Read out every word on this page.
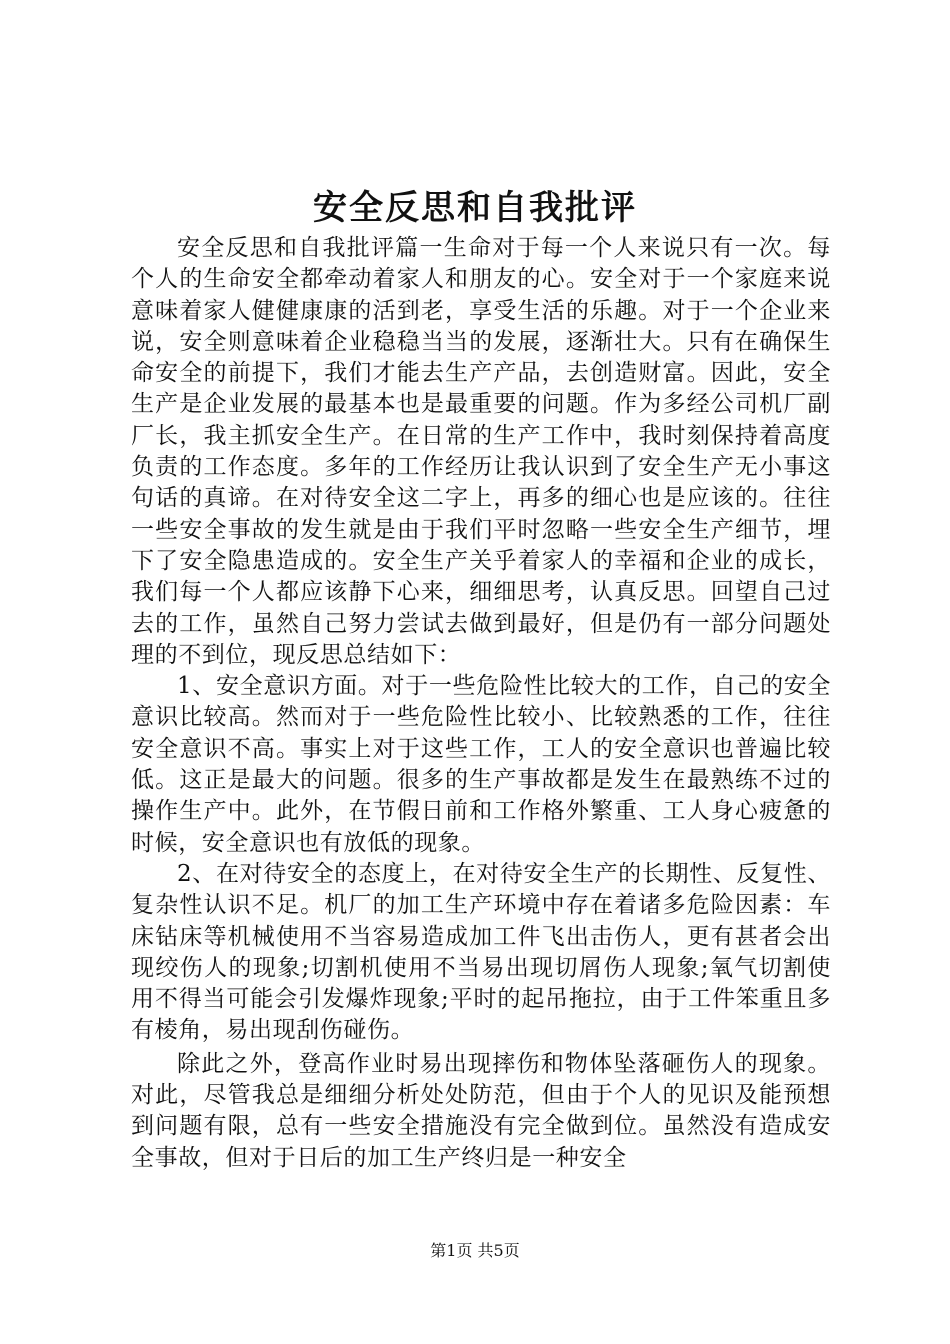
安全反思和自我批评

安全反思和自我批评篇一生命对于每一个人来说只有一次。每个人的生命安全都牵动着家人和朋友的心。安全对于一个家庭来说意味着家人健健康康的活到老，享受生活的乐趣。对于一个企业来说，安全则意味着企业稳稳当当的发展，逐渐壮大。只有在确保生命安全的前提下，我们才能去生产产品，去创造财富。因此，安全生产是企业发展的最基本也是最重要的问题。作为多经公司机厂副厂长，我主抓安全生产。在日常的生产工作中，我时刻保持着高度负责的工作态度。多年的工作经历让我认识到了安全生产无小事这句话的真谛。在对待安全这二字上，再多的细心也是应该的。往往一些安全事故的发生就是由于我们平时忽略一些安全生产细节，埋下了安全隐患造成的。安全生产关乎着家人的幸福和企业的成长，我们每一个人都应该静下心来，细细思考，认真反思。回望自己过去的工作，虽然自己努力尝试去做到最好，但是仍有一部分问题处理的不到位，现反思总结如下：

1、安全意识方面。对于一些危险性比较大的工作，自己的安全意识比较高。然而对于一些危险性比较小、比较熟悉的工作，往往安全意识不高。事实上对于这些工作，工人的安全意识也普遍比较低。这正是最大的问题。很多的生产事故都是发生在最熟练不过的操作生产中。此外，在节假日前和工作格外繁重、工人身心疲惫的时候，安全意识也有放低的现象。

2、在对待安全的态度上，在对待安全生产的长期性、反复性、复杂性认识不足。机厂的加工生产环境中存在着诸多危险因素：车床钻床等机械使用不当容易造成加工件飞出击伤人，更有甚者会出现绞伤人的现象;切割机使用不当易出现切屑伤人现象;氧气切割使用不得当可能会引发爆炸现象;平时的起吊拖拉，由于工件笨重且多有棱角，易出现刮伤碰伤。

除此之外，登高作业时易出现摔伤和物体坠落砸伤人的现象。对此，尽管我总是细细分析处处防范，但由于个人的见识及能预想到问题有限，总有一些安全措施没有完全做到位。虽然没有造成安全事故，但对于日后的加工生产终归是一种安全

第1页 共5页
